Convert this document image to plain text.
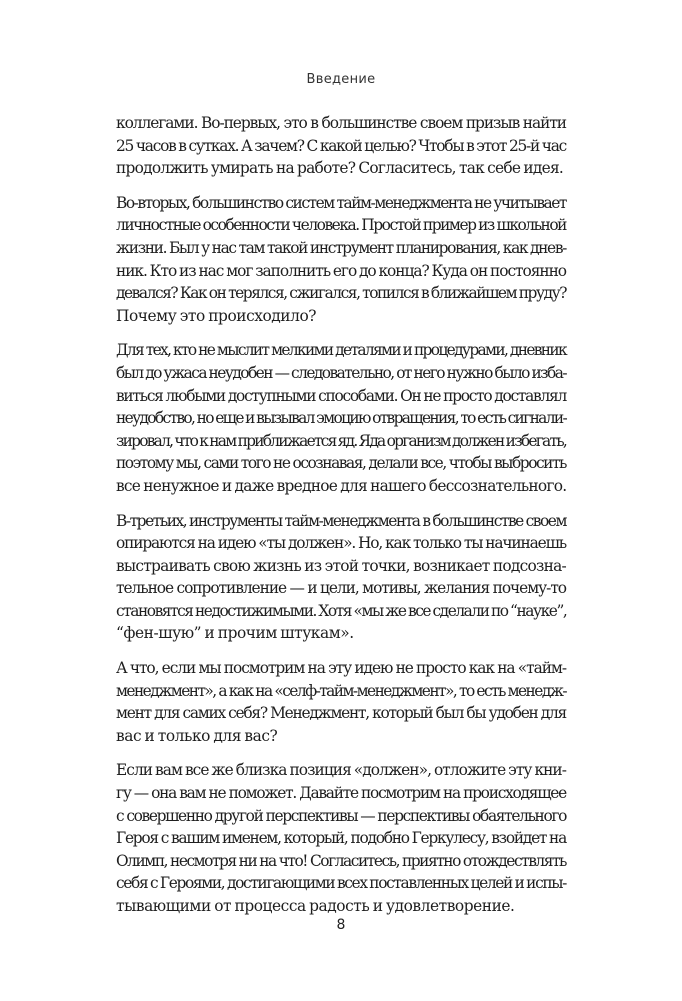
Введение

коллегами. Во-первых, это в большинстве своем призыв найти
25 часов в сутках. А зачем? С какой целью? Чтобы в этот 25-й час
продолжить умирать на работе? Согласитесь, так себе идея.

Во-вторых, большинство систем тайм-менеджмента не учитывает
личностные особенности человека. Простой пример из школьной
жизни. Был у нас там такой инструмент планирования, как днев-
ник. Кто из нас мог заполнить его до конца? Куда он постоянно
девался? Как он терялся, сжигался, топился в ближайшем пруду?
Почему это происходило?

Для тех, кто не мыслит мелкими деталями и процедурами, дневник
был до ужаса неудобен — следовательно, от него нужно было изба-
виться любыми доступными способами. Он не просто доставлял
неудобство, но еще и вызывал эмоцию отвращения, то есть сигнали-
зировал, что к нам приближается яд. Яда организм должен избегать,
поэтому мы, сами того не осознавая, делали все, чтобы выбросить
все ненужное и даже вредное для нашего бессознательного.

В-третьих, инструменты тайм-менеджмента в большинстве своем
опираются на идею «ты должен». Но, как только ты начинаешь
выстраивать свою жизнь из этой точки, возникает подсозна-
тельное сопротивление — и цели, мотивы, желания почему-то
становятся недостижимыми. Хотя «мы же все сделали по “науке”,
“фен-шую” и прочим штукам».

А что, если мы посмотрим на эту идею не просто как на «тайм-
менеджмент», а как на «селф-тайм-менеджмент», то есть менедж-
мент для самих себя? Менеджмент, который был бы удобен для
вас и только для вас?

Если вам все же близка позиция «должен», отложите эту кни-
гу — она вам не поможет. Давайте посмотрим на происходящее
с совершенно другой перспективы — перспективы обаятельного
Героя с вашим именем, который, подобно Геркулесу, взойдет на
Олимп, несмотря ни на что! Согласитесь, приятно отождествлять
себя с Героями, достигающими всех поставленных целей и испы-
тывающими от процесса радость и удовлетворение.

8
